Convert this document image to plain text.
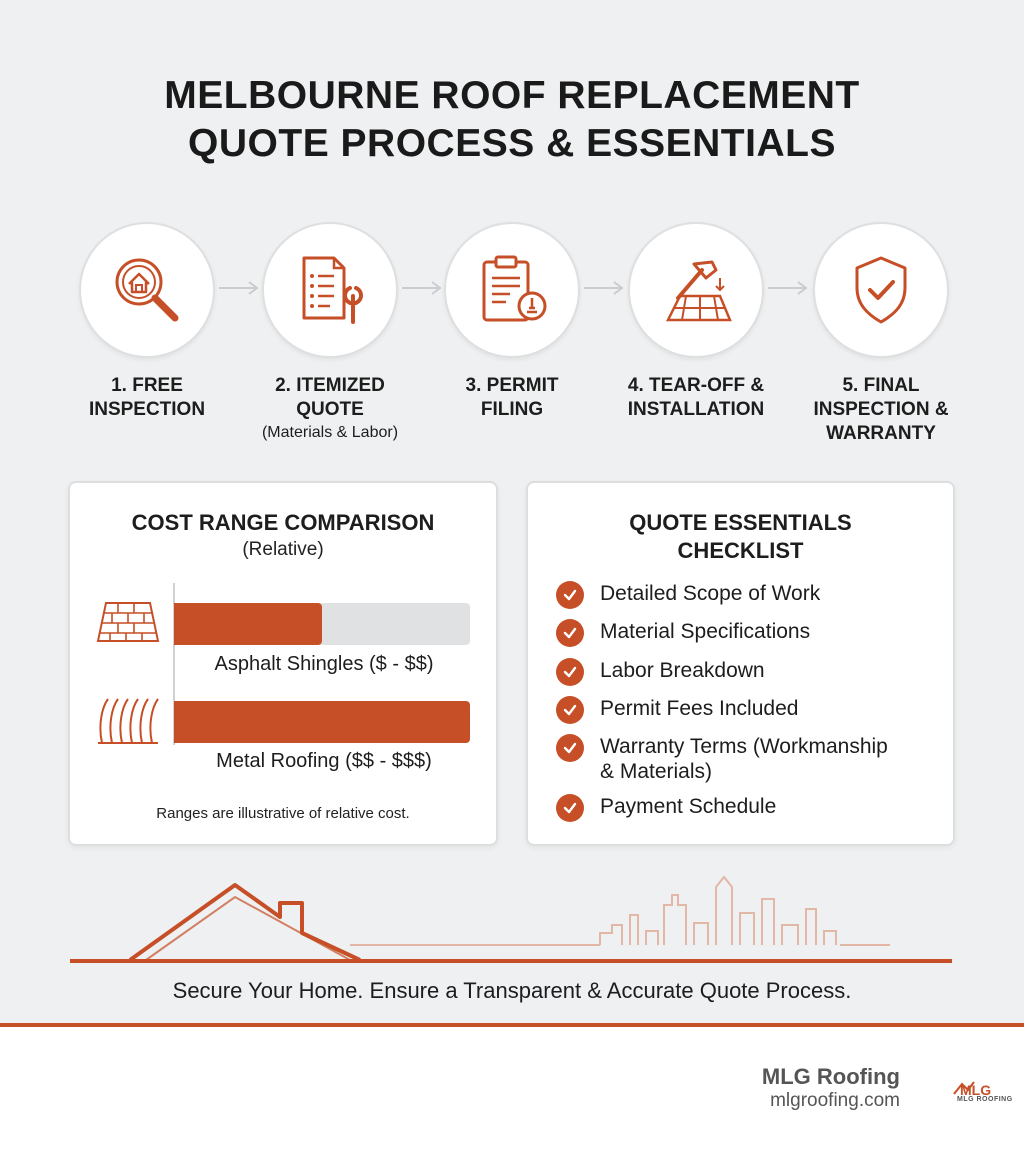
MELBOURNE ROOF REPLACEMENT
QUOTE PROCESS & ESSENTIALS
1. FREE
INSPECTION
2. ITEMIZED
QUOTE
(Materials & Labor)
3. PERMIT
FILING
4. TEAR-OFF &
INSTALLATION
5. FINAL
INSPECTION &
WARRANTY
COST RANGE COMPARISON
(Relative)
Asphalt Shingles ($ - $$)
Metal Roofing ($$ - $$$)
Ranges are illustrative of relative cost.
QUOTE ESSENTIALS
CHECKLIST
Detailed Scope of Work
Material Specifications
Labor Breakdown
Permit Fees Included
Warranty Terms (Workmanship
& Materials)
Payment Schedule
Secure Your Home. Ensure a Transparent & Accurate Quote Process.
MLG Roofing
mlgroofing.com	MLG
MLG ROOFING
